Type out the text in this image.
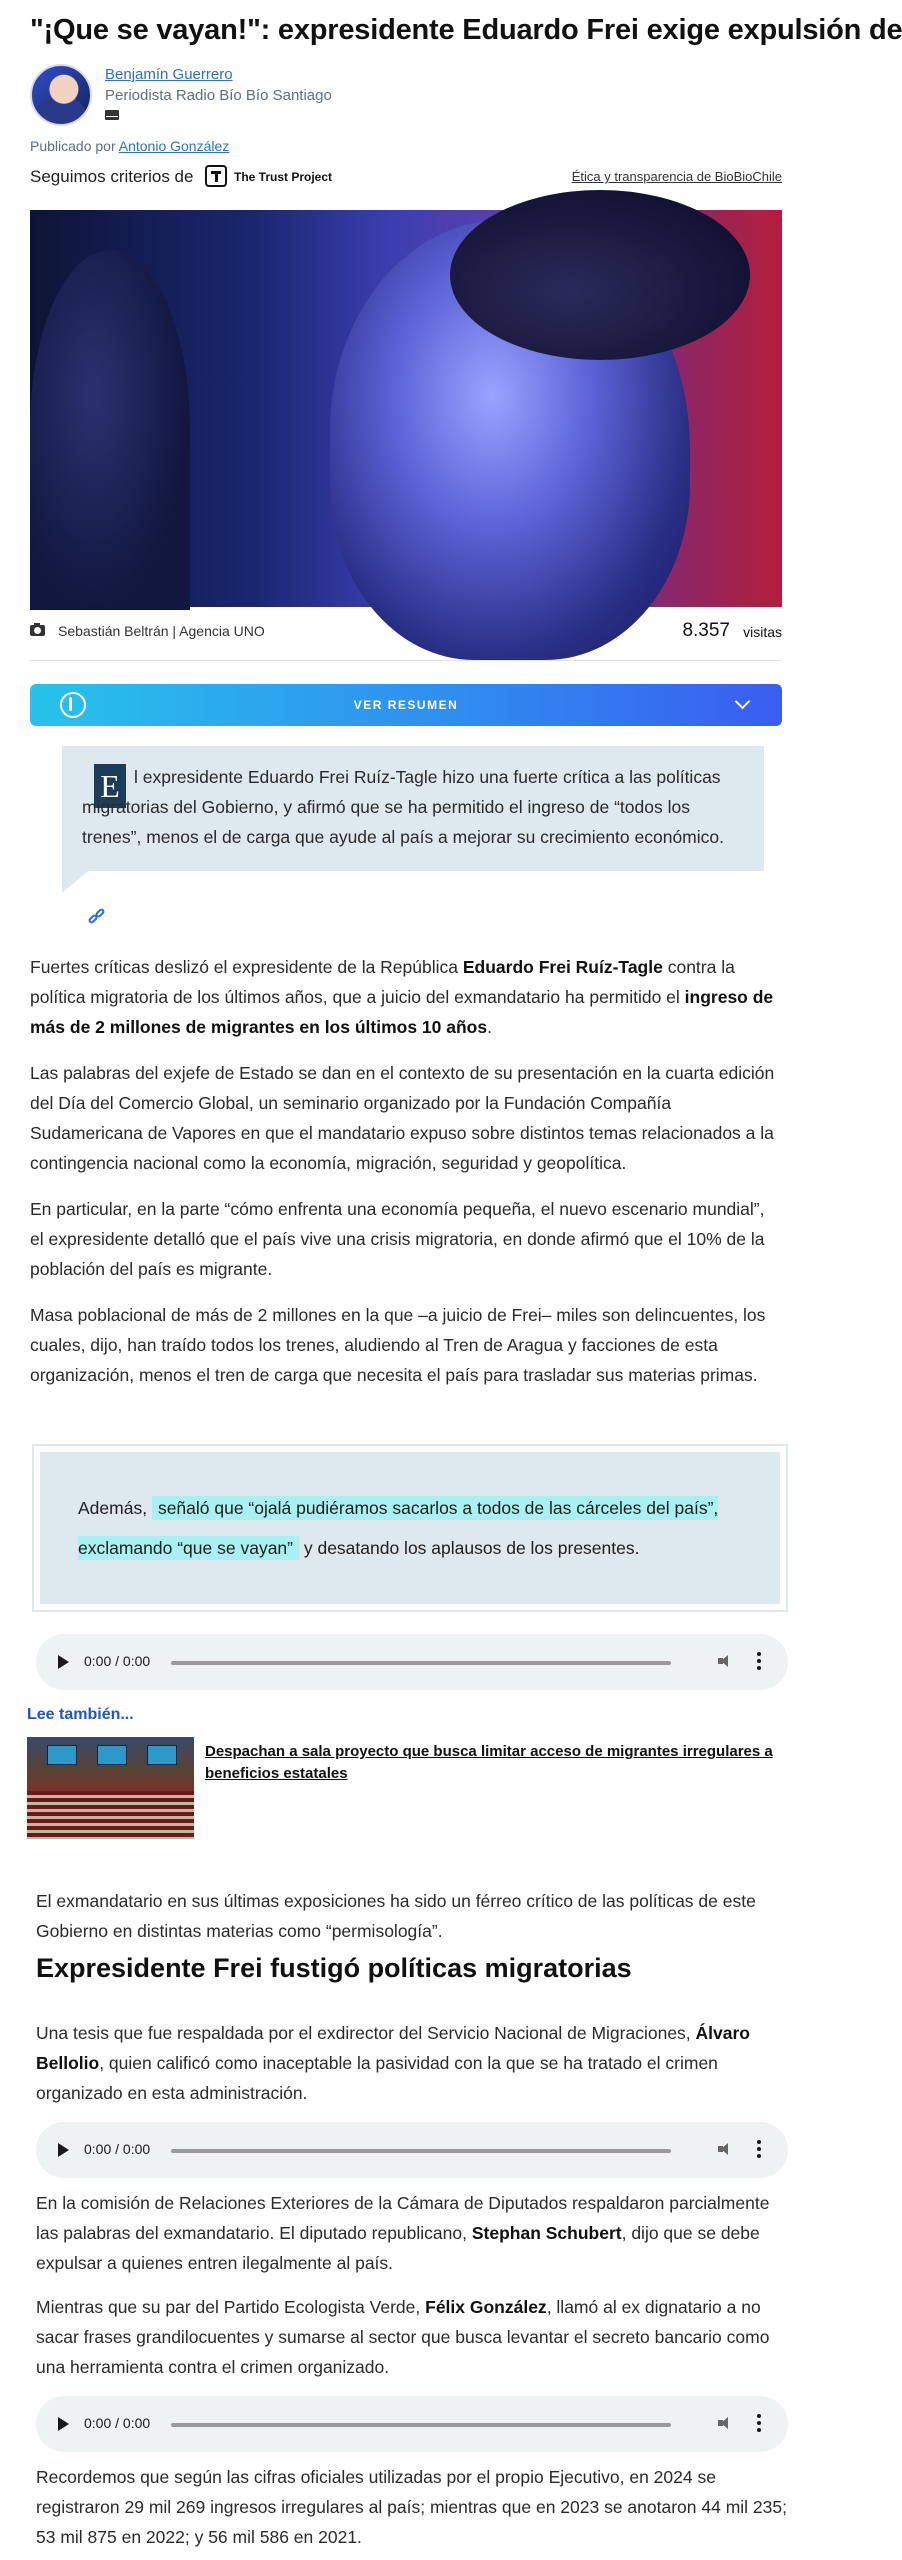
"¡Que se vayan!": expresidente Eduardo Frei exige expulsión de
Benjamín Guerrero
Periodista Radio Bío Bío Santiago
Publicado por Antonio González
Seguimos criterios de	The Trust Project	Ética y transparencia de BioBioChile
Sebastián Beltrán | Agencia UNO	8.357 visitas
VER RESUMEN
E l expresidente Eduardo Frei Ruíz-Tagle hizo una fuerte crítica a las políticas migratorias del Gobierno, y afirmó que se ha permitido el ingreso de “todos los trenes”, menos el de carga que ayude al país a mejorar su crecimiento económico.

Fuertes críticas deslizó el expresidente de la República Eduardo Frei Ruíz-Tagle contra la política migratoria de los últimos años, que a juicio del exmandatario ha permitido el ingreso de más de 2 millones de migrantes en los últimos 10 años.

Las palabras del exjefe de Estado se dan en el contexto de su presentación en la cuarta edición del Día del Comercio Global, un seminario organizado por la Fundación Compañía Sudamericana de Vapores en que el mandatario expuso sobre distintos temas relacionados a la contingencia nacional como la economía, migración, seguridad y geopolítica.

En particular, en la parte “cómo enfrenta una economía pequeña, el nuevo escenario mundial”, el expresidente detalló que el país vive una crisis migratoria, en donde afirmó que el 10% de la población del país es migrante.

Masa poblacional de más de 2 millones en la que –a juicio de Frei– miles son delincuentes, los cuales, dijo, han traído todos los trenes, aludiendo al Tren de Aragua y facciones de esta organización, menos el tren de carga que necesita el país para trasladar sus materias primas.

Además, señaló que “ojalá pudiéramos sacarlos a todos de las cárceles del país”, exclamando “que se vayan” y desatando los aplausos de los presentes.

0:00 / 0:00
Lee también...
Despachan a sala proyecto que busca limitar acceso de migrantes irregulares a beneficios estatales

El exmandatario en sus últimas exposiciones ha sido un férreo crítico de las políticas de este Gobierno en distintas materias como “permisología”.

Expresidente Frei fustigó políticas migratorias

Una tesis que fue respaldada por el exdirector del Servicio Nacional de Migraciones, Álvaro Bellolio, quien calificó como inaceptable la pasividad con la que se ha tratado el crimen organizado en esta administración.

0:00 / 0:00

En la comisión de Relaciones Exteriores de la Cámara de Diputados respaldaron parcialmente las palabras del exmandatario. El diputado republicano, Stephan Schubert, dijo que se debe expulsar a quienes entren ilegalmente al país.

Mientras que su par del Partido Ecologista Verde, Félix González, llamó al ex dignatario a no sacar frases grandilocuentes y sumarse al sector que busca levantar el secreto bancario como una herramienta contra el crimen organizado.

0:00 / 0:00

Recordemos que según las cifras oficiales utilizadas por el propio Ejecutivo, en 2024 se registraron 29 mil 269 ingresos irregulares al país; mientras que en 2023 se anotaron 44 mil 235; 53 mil 875 en 2022; y 56 mil 586 en 2021.
